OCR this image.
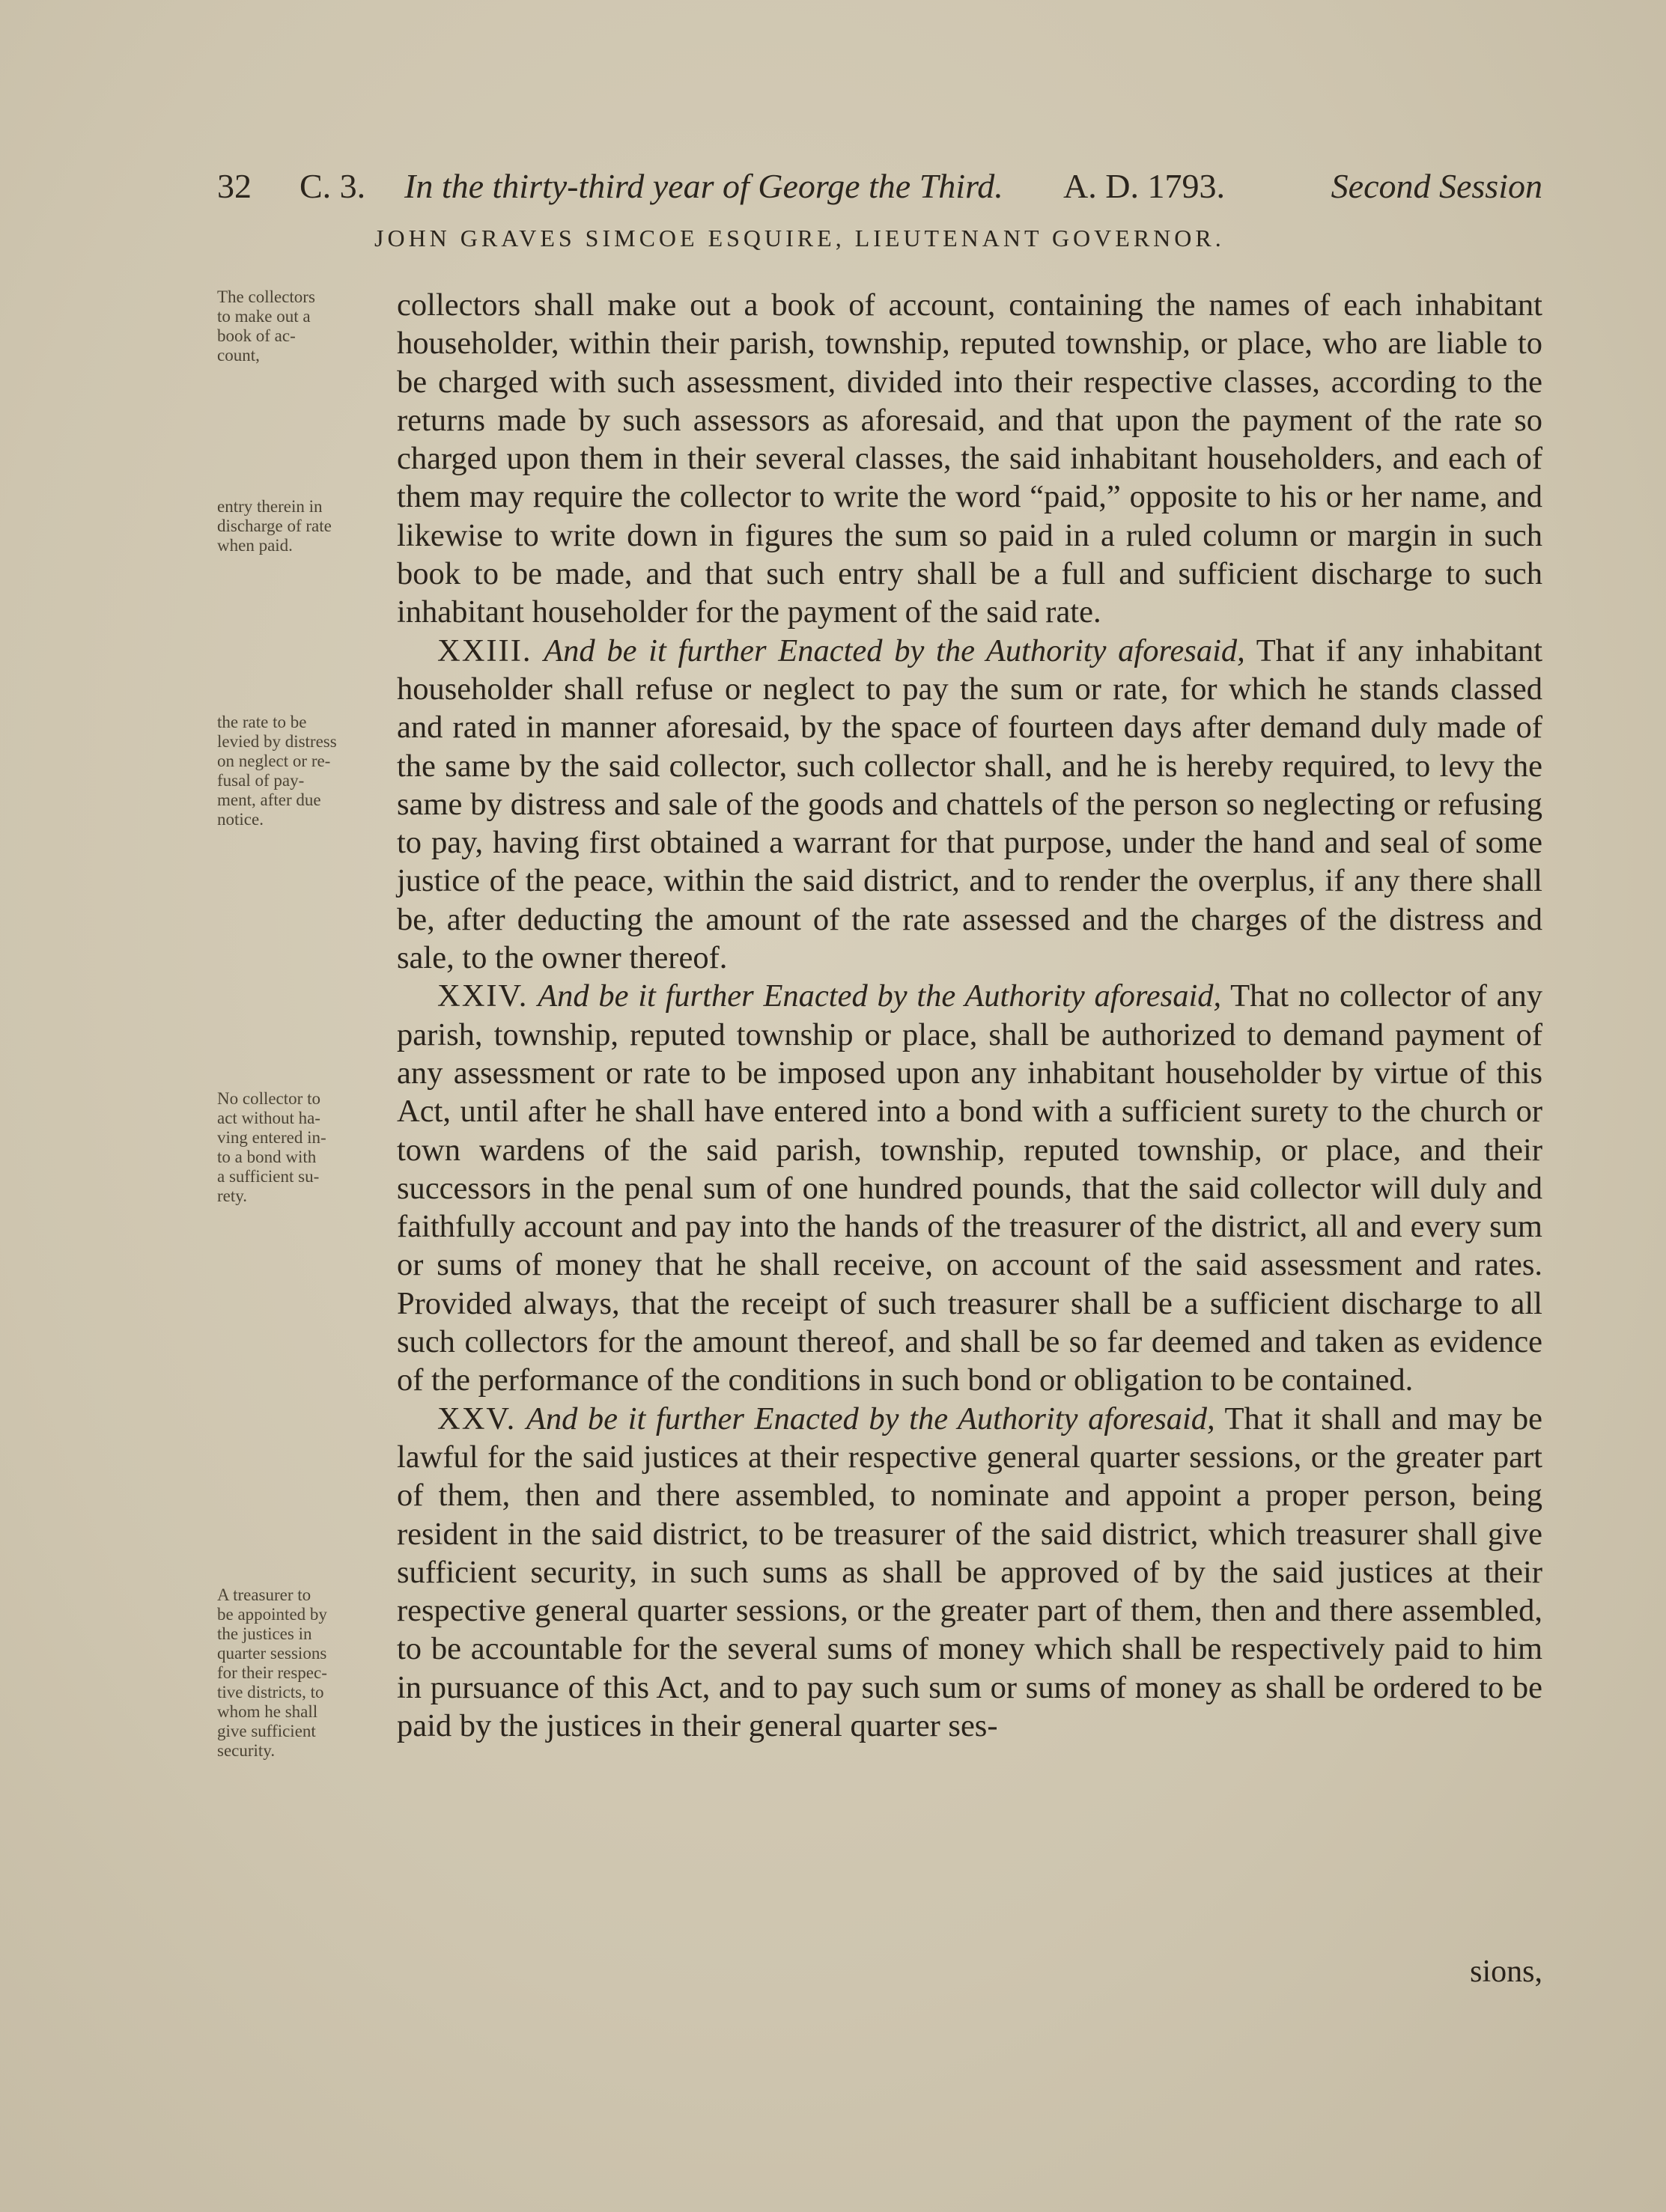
32 C. 3. In the thirty-third year of George the Third. A. D. 1793.	Second Session
JOHN GRAVES SIMCOE ESQUIRE, LIEUTENANT GOVERNOR.
The collectors
to make out a
book of ac-
count,
entry therein in
discharge of rate
when paid.
the rate to be
levied by distress
on neglect or re-
fusal of pay-
ment, after due
notice.
No collector to
act without ha-
ving entered in-
to a bond with
a sufficient su-
rety.
A treasurer to
be appointed by
the justices in
quarter sessions
for their respec-
tive districts, to
whom he shall
give sufficient
security.

collectors shall make out a book of account, containing the names of each inhabitant householder, within their parish, township, reputed township, or place, who are liable to be charged with such assessment, divided into their respective classes, according to the returns made by such assessors as aforesaid, and that upon the payment of the rate so charged upon them in their several classes, the said inhabitant householders, and each of them may require the collector to write the word “paid,” opposite to his or her name, and likewise to write down in figures the sum so paid in a ruled column or margin in such book to be made, and that such entry shall be a full and sufficient discharge to such inhabitant householder for the payment of the said rate.

XXIII. And be it further Enacted by the Authority aforesaid, That if any inhabitant householder shall refuse or neglect to pay the sum or rate, for which he stands classed and rated in manner aforesaid, by the space of fourteen days after demand duly made of the same by the said collector, such collector shall, and he is hereby required, to levy the same by distress and sale of the goods and chattels of the person so neglecting or refusing to pay, having first obtained a warrant for that purpose, under the hand and seal of some justice of the peace, within the said district, and to render the overplus, if any there shall be, after deducting the amount of the rate assessed and the charges of the distress and sale, to the owner thereof.

XXIV. And be it further Enacted by the Authority aforesaid, That no collector of any parish, township, reputed township or place, shall be authorized to demand payment of any assessment or rate to be imposed upon any inhabitant householder by virtue of this Act, until after he shall have entered into a bond with a sufficient surety to the church or town wardens of the said parish, township, reputed township, or place, and their successors in the penal sum of one hundred pounds, that the said collector will duly and faithfully account and pay into the hands of the treasurer of the district, all and every sum or sums of money that he shall receive, on account of the said assessment and rates. Provided always, that the receipt of such treasurer shall be a sufficient discharge to all such collectors for the amount thereof, and shall be so far deemed and taken as evidence of the performance of the conditions in such bond or obligation to be contained.

XXV. And be it further Enacted by the Authority aforesaid, That it shall and may be lawful for the said justices at their respective general quarter sessions, or the greater part of them, then and there assembled, to nominate and appoint a proper person, being resident in the said district, to be treasurer of the said district, which treasurer shall give sufficient security, in such sums as shall be approved of by the said justices at their respective general quarter sessions, or the greater part of them, then and there assembled, to be accountable for the several sums of money which shall be respectively paid to him in pursuance of this Act, and to pay such sum or sums of money as shall be ordered to be paid by the justices in their general quarter ses-

sions,
